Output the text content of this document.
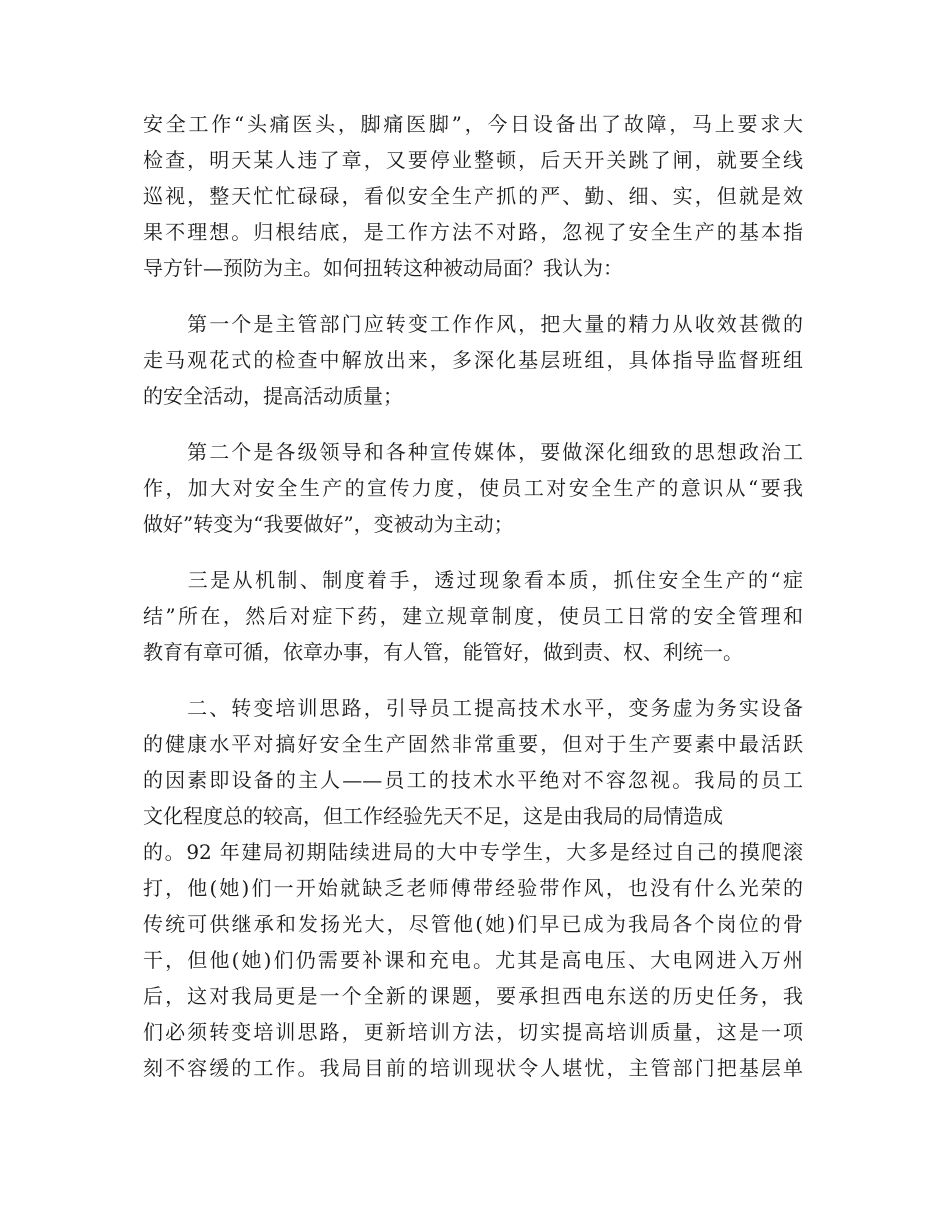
安全工作“头痛医头，脚痛医脚”，今日设备出了故障，马上要求大
检查，明天某人违了章，又要停业整顿，后天开关跳了闸，就要全线
巡视，整天忙忙碌碌，看似安全生产抓的严、勤、细、实，但就是效
果不理想。归根结底，是工作方法不对路，忽视了安全生产的基本指
导方针—预防为主。如何扭转这种被动局面？我认为：
　　第一个是主管部门应转变工作作风，把大量的精力从收效甚微的
走马观花式的检查中解放出来，多深化基层班组，具体指导监督班组
的安全活动，提高活动质量；
　　第二个是各级领导和各种宣传媒体，要做深化细致的思想政治工
作，加大对安全生产的宣传力度，使员工对安全生产的意识从“要我
做好”转变为“我要做好”，变被动为主动；
　　三是从机制、制度着手，透过现象看本质，抓住安全生产的“症
结”所在，然后对症下药，建立规章制度，使员工日常的安全管理和
教育有章可循，依章办事，有人管，能管好，做到责、权、利统一。
　　二、转变培训思路，引导员工提高技术水平，变务虚为务实设备
的健康水平对搞好安全生产固然非常重要，但对于生产要素中最活跃
的因素即设备的主人——员工的技术水平绝对不容忽视。我局的员工
文化程度总的较高，但工作经验先天不足，这是由我局的局情造成
的。92 年建局初期陆续进局的大中专学生，大多是经过自己的摸爬滚
打，他(她)们一开始就缺乏老师傅带经验带作风，也没有什么光荣的
传统可供继承和发扬光大，尽管他(她)们早已成为我局各个岗位的骨
干，但他(她)们仍需要补课和充电。尤其是高电压、大电网进入万州
后，这对我局更是一个全新的课题，要承担西电东送的历史任务，我
们必须转变培训思路，更新培训方法，切实提高培训质量，这是一项
刻不容缓的工作。我局目前的培训现状令人堪忧，主管部门把基层单
